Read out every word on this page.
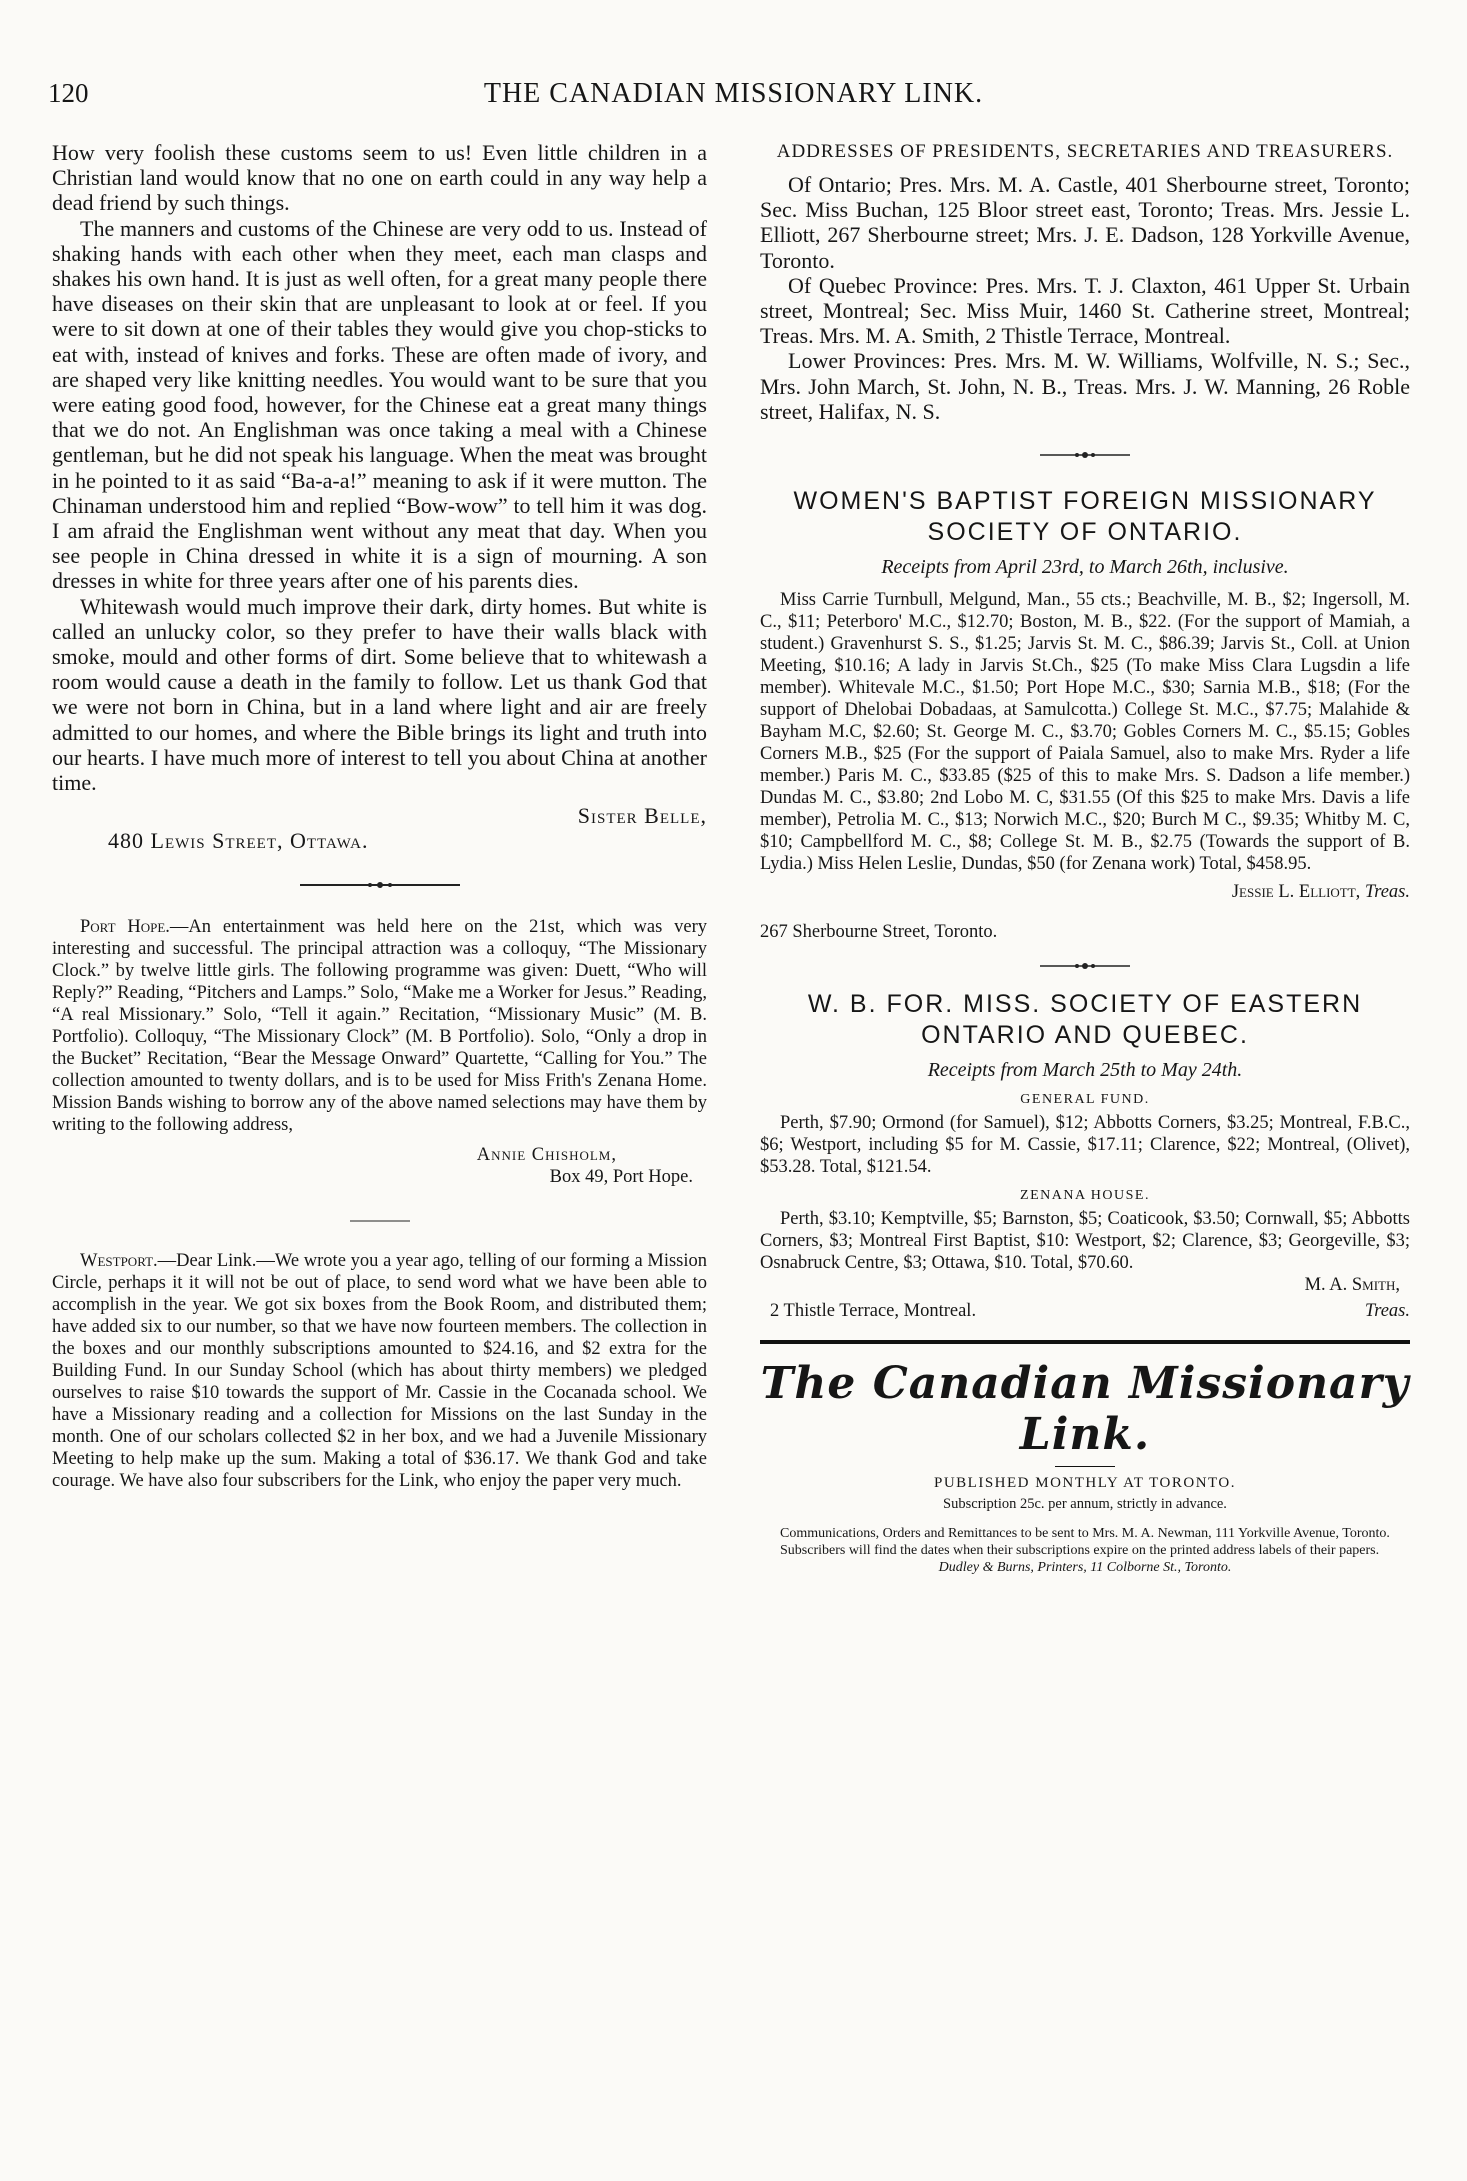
120	THE CANADIAN MISSIONARY LINK.

How very foolish these customs seem to us! Even little children in a Christian land would know that no one on earth could in any way help a dead friend by such things.

The manners and customs of the Chinese are very odd to us. Instead of shaking hands with each other when they meet, each man clasps and shakes his own hand. It is just as well often, for a great many people there have diseases on their skin that are unpleasant to look at or feel. If you were to sit down at one of their tables they would give you chop-sticks to eat with, instead of knives and forks. These are often made of ivory, and are shaped very like knitting needles. You would want to be sure that you were eating good food, however, for the Chinese eat a great many things that we do not. An Englishman was once taking a meal with a Chinese gentleman, but he did not speak his language. When the meat was brought in he pointed to it as said “Ba-a-a!” meaning to ask if it were mutton. The Chinaman understood him and replied “Bow-wow” to tell him it was dog. I am afraid the Englishman went without any meat that day. When you see people in China dressed in white it is a sign of mourning. A son dresses in white for three years after one of his parents dies.

Whitewash would much improve their dark, dirty homes. But white is called an unlucky color, so they prefer to have their walls black with smoke, mould and other forms of dirt. Some believe that to whitewash a room would cause a death in the family to follow. Let us thank God that we were not born in China, but in a land where light and air are freely admitted to our homes, and where the Bible brings its light and truth into our hearts. I have much more of interest to tell you about China at another time.

Sister Belle,

480 Lewis Street, Ottawa.

Port Hope.—An entertainment was held here on the 21st, which was very interesting and successful. The principal attraction was a colloquy, “The Missionary Clock.” by twelve little girls. The following programme was given: Duett, “Who will Reply?” Reading, “Pitchers and Lamps.” Solo, “Make me a Worker for Jesus.” Reading, “A real Missionary.” Solo, “Tell it again.” Recitation, “Missionary Music” (M. B. Portfolio). Colloquy, “The Missionary Clock” (M. B Portfolio). Solo, “Only a drop in the Bucket” Recitation, “Bear the Message Onward” Quartette, “Calling for You.” The collection amounted to twenty dollars, and is to be used for Miss Frith's Zenana Home. Mission Bands wishing to borrow any of the above named selections may have them by writing to the following address,

Annie Chisholm,

Box 49, Port Hope.

Westport.—Dear Link.—We wrote you a year ago, telling of our forming a Mission Circle, perhaps it it will not be out of place, to send word what we have been able to accomplish in the year. We got six boxes from the Book Room, and distributed them; have added six to our number, so that we have now fourteen members. The collection in the boxes and our monthly subscriptions amounted to $24.16, and $2 extra for the Building Fund. In our Sunday School (which has about thirty members) we pledged ourselves to raise $10 towards the support of Mr. Cassie in the Cocanada school. We have a Missionary reading and a collection for Missions on the last Sunday in the month. One of our scholars collected $2 in her box, and we had a Juvenile Missionary Meeting to help make up the sum. Making a total of $36.17. We thank God and take courage. We have also four subscribers for the Link, who enjoy the paper very much.

ADDRESSES OF PRESIDENTS, SECRETARIES AND TREASURERS.

Of Ontario; Pres. Mrs. M. A. Castle, 401 Sherbourne street, Toronto; Sec. Miss Buchan, 125 Bloor street east, Toronto; Treas. Mrs. Jessie L. Elliott, 267 Sherbourne street; Mrs. J. E. Dadson, 128 Yorkville Avenue, Toronto.

Of Quebec Province: Pres. Mrs. T. J. Claxton, 461 Upper St. Urbain street, Montreal; Sec. Miss Muir, 1460 St. Catherine street, Montreal; Treas. Mrs. M. A. Smith, 2 Thistle Terrace, Montreal.

Lower Provinces: Pres. Mrs. M. W. Williams, Wolfville, N. S.; Sec., Mrs. John March, St. John, N. B., Treas. Mrs. J. W. Manning, 26 Roble street, Halifax, N. S.

WOMEN'S BAPTIST FOREIGN MISSIONARY SOCIETY OF ONTARIO.
Receipts from April 23rd, to March 26th, inclusive.

Miss Carrie Turnbull, Melgund, Man., 55 cts.; Beachville, M. B., $2; Ingersoll, M. C., $11; Peterboro' M.C., $12.70; Boston, M. B., $22. (For the support of Mamiah, a student.) Gravenhurst S. S., $1.25; Jarvis St. M. C., $86.39; Jarvis St., Coll. at Union Meeting, $10.16; A lady in Jarvis St.Ch., $25 (To make Miss Clara Lugsdin a life member). Whitevale M.C., $1.50; Port Hope M.C., $30; Sarnia M.B., $18; (For the support of Dhelobai Dobadaas, at Samulcotta.) College St. M.C., $7.75; Malahide & Bayham M.C, $2.60; St. George M. C., $3.70; Gobles Corners M. C., $5.15; Gobles Corners M.B., $25 (For the support of Paiala Samuel, also to make Mrs. Ryder a life member.) Paris M. C., $33.85 ($25 of this to make Mrs. S. Dadson a life member.) Dundas M. C., $3.80; 2nd Lobo M. C, $31.55 (Of this $25 to make Mrs. Davis a life member), Petrolia M. C., $13; Norwich M.C., $20; Burch M C., $9.35; Whitby M. C, $10; Campbellford M. C., $8; College St. M. B., $2.75 (Towards the support of B. Lydia.) Miss Helen Leslie, Dundas, $50 (for Zenana work) Total, $458.95.

Jessie L. Elliott, Treas.

267 Sherbourne Street, Toronto.

W. B. FOR. MISS. SOCIETY OF EASTERN ONTARIO AND QUEBEC.
Receipts from March 25th to May 24th.
GENERAL FUND.

Perth, $7.90; Ormond (for Samuel), $12; Abbotts Corners, $3.25; Montreal, F.B.C., $6; Westport, including $5 for M. Cassie, $17.11; Clarence, $22; Montreal, (Olivet), $53.28. Total, $121.54.

ZENANA HOUSE.

Perth, $3.10; Kemptville, $5; Barnston, $5; Coaticook, $3.50; Cornwall, $5; Abbotts Corners, $3; Montreal First Baptist, $10: Westport, $2; Clarence, $3; Georgeville, $3; Osnabruck Centre, $3; Ottawa, $10. Total, $70.60.

M. A. Smith,

2 Thistle Terrace, Montreal.	Treas.

The Canadian Missionary Link.
PUBLISHED MONTHLY AT TORONTO.
Subscription 25c. per annum, strictly in advance.

Communications, Orders and Remittances to be sent to Mrs. M. A. Newman, 111 Yorkville Avenue, Toronto.

Subscribers will find the dates when their subscriptions expire on the printed address labels of their papers.

Dudley & Burns, Printers, 11 Colborne St., Toronto.
